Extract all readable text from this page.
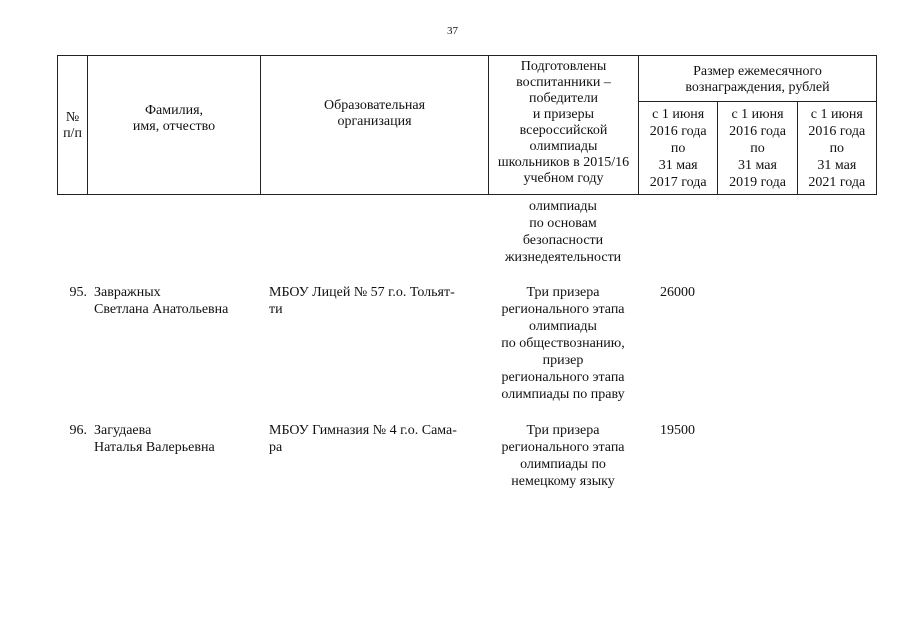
37
№
п/п
Фамилия,
имя, отчество
Образовательная
организация
Подготовлены
воспитанники –
победители
и призеры
всероссийской
олимпиады
школьников в 2015/16
учебном году
Размер ежемесячного
вознаграждения, рублей
с 1 июня
2016 года
по
31 мая
2017 года
с 1 июня
2016 года
по
31 мая
2019 года
с 1 июня
2016 года
по
31 мая
2021 года
олимпиады
по основам
безопасности
жизнедеятельности
95. Завражных
Светлана Анатольевна
МБОУ Лицей № 57 г.о. Тольят-
ти
Три призера
регионального этапа
олимпиады
по обществознанию,
призер
регионального этапа
олимпиады по праву
26000
96. Загудаева
Наталья Валерьевна
МБОУ Гимназия № 4 г.о. Сама-
ра
Три призера
регионального этапа
олимпиады по
немецкому языку
19500
